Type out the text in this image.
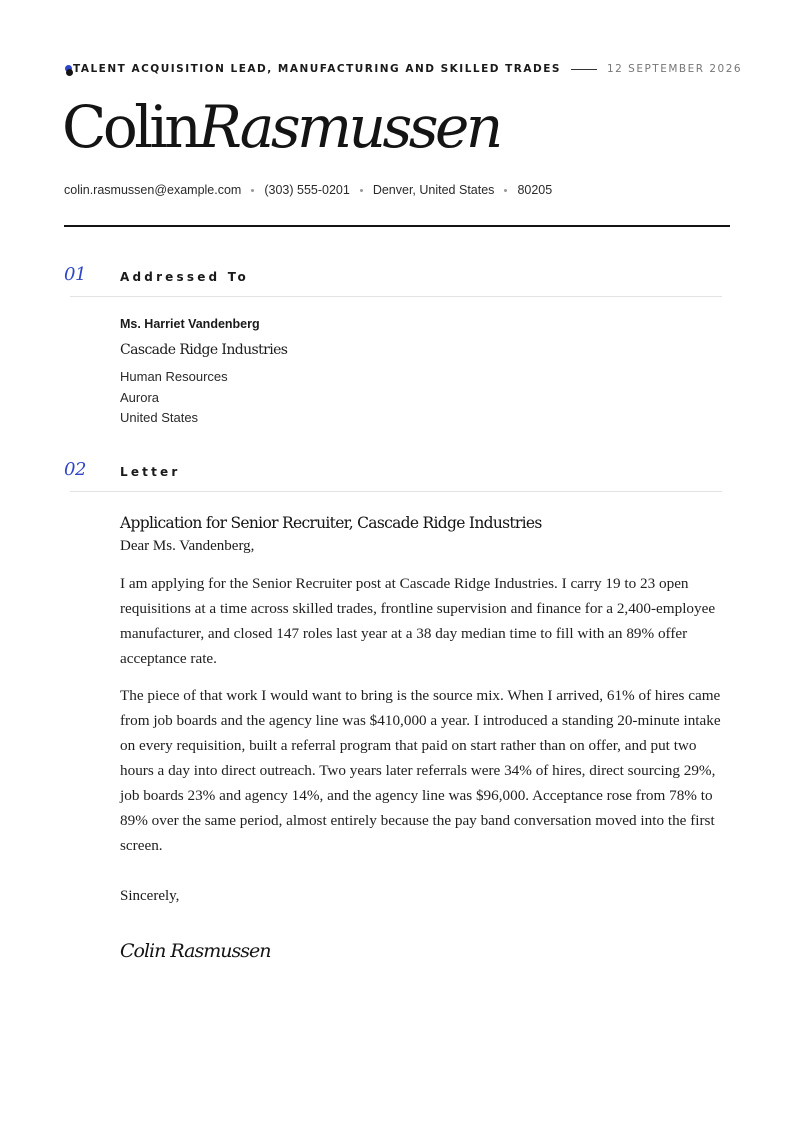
TALENT ACQUISITION LEAD, MANUFACTURING AND SKILLED TRADES	12 SEPTEMBER 2026
ColinRasmussen
colin.rasmussen@example.com (303) 555-0201 Denver, United States 80205
01	Addressed To
Ms. Harriet Vandenberg
Cascade Ridge Industries
Human Resources
Aurora
United States
02	Letter
Application for Senior Recruiter, Cascade Ridge Industries
Dear Ms. Vandenberg,

I am applying for the Senior Recruiter post at Cascade Ridge Industries. I carry 19 to 23 open requisitions at a time across skilled trades, frontline supervision and finance for a 2,400-employee manufacturer, and closed 147 roles last year at a 38 day median time to fill with an 89% offer acceptance rate.

The piece of that work I would want to bring is the source mix. When I arrived, 61% of hires came from job boards and the agency line was $410,000 a year. I introduced a standing 20-minute intake on every requisition, built a referral program that paid on start rather than on offer, and put two hours a day into direct outreach. Two years later referrals were 34% of hires, direct sourcing 29%, job boards 23% and agency 14%, and the agency line was $96,000. Acceptance rose from 78% to 89% over the same period, almost entirely because the pay band conversation moved into the first screen.

Sincerely,
Colin Rasmussen
